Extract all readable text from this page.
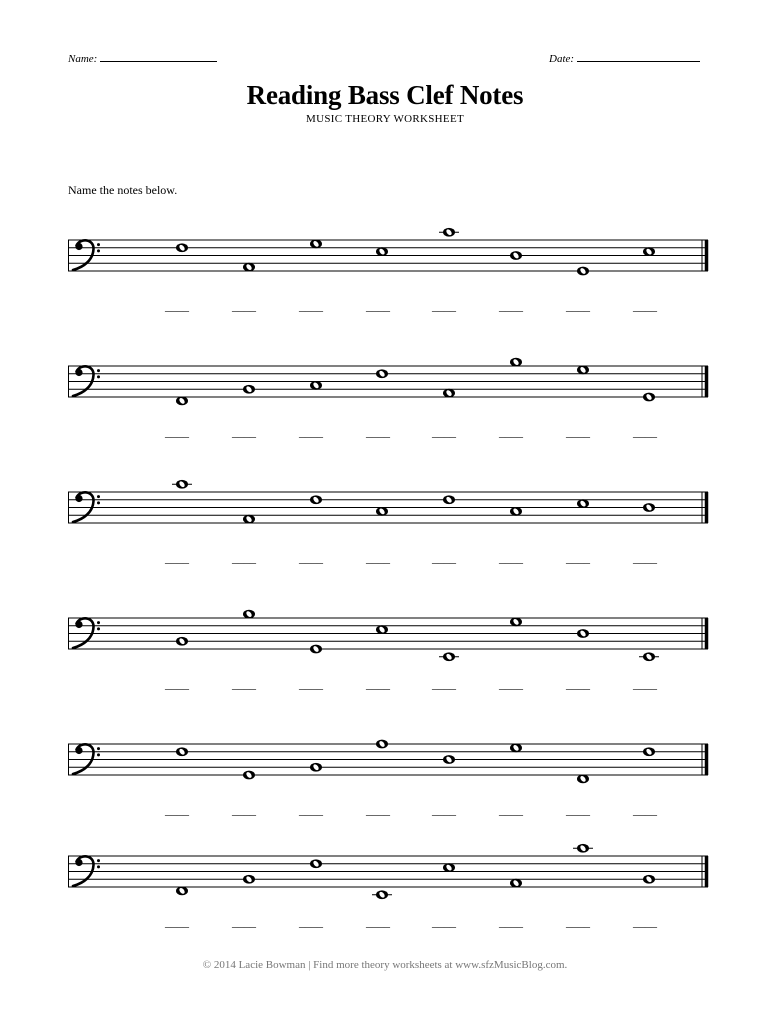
Name:	Date:
Reading Bass Clef Notes
MUSIC THEORY WORKSHEET
Name the notes below.
____	____	____	____	____	____	____	____
____	____	____	____	____	____	____	____
____	____	____	____	____	____	____	____
____	____	____	____	____	____	____	____
____	____	____	____	____	____	____	____
____	____	____	____	____	____	____	____
© 2014 Lacie Bowman | Find more theory worksheets at www.sfzMusicBlog.com.
